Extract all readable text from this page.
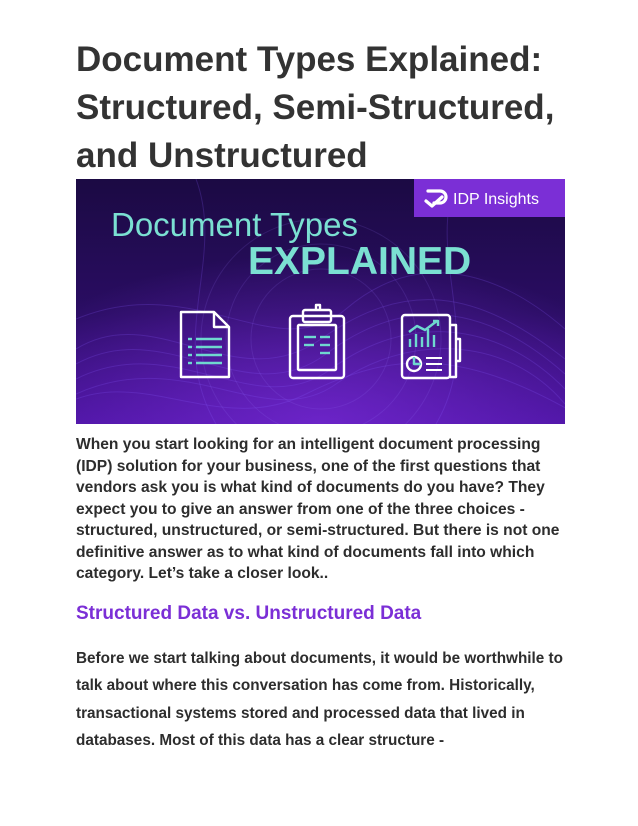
Document Types Explained: Structured, Semi-Structured, and Unstructured
IDP Insights
Document Types
EXPLAINED

When you start looking for an intelligent document processing (IDP) solution for your business, one of the first questions that vendors ask you is what kind of documents do you have? They expect you to give an answer from one of the three choices - structured, unstructured, or semi-structured. But there is not one definitive answer as to what kind of documents fall into which category. Let’s take a closer look..

Structured Data vs. Unstructured Data

Before we start talking about documents, it would be worthwhile to talk about where this conversation has come from. Historically, transactional systems stored and processed data that lived in databases. Most of this data has a clear structure -
